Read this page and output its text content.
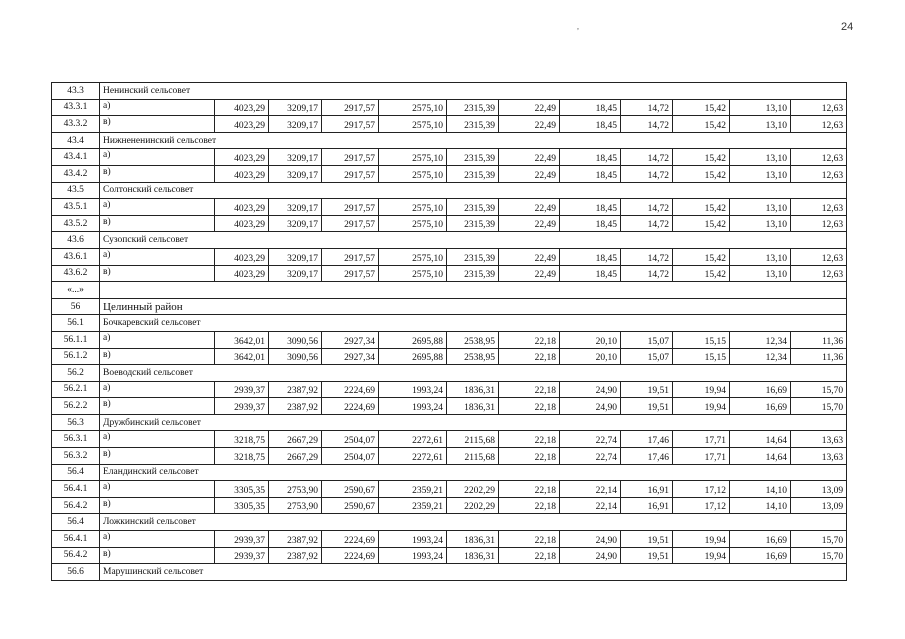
,	24
43.3	Ненинский сельсовет											
43.3.1	а)	4023,29	3209,17	2917,57	2575,10	2315,39	22,49	18,45	14,72	15,42	13,10	12,63
43.3.2	в)	4023,29	3209,17	2917,57	2575,10	2315,39	22,49	18,45	14,72	15,42	13,10	12,63
43.4	Нижнененинский сельсовет											
43.4.1	а)	4023,29	3209,17	2917,57	2575,10	2315,39	22,49	18,45	14,72	15,42	13,10	12,63
43.4.2	в)	4023,29	3209,17	2917,57	2575,10	2315,39	22,49	18,45	14,72	15,42	13,10	12,63
43.5	Солтонский сельсовет											
43.5.1	а)	4023,29	3209,17	2917,57	2575,10	2315,39	22,49	18,45	14,72	15,42	13,10	12,63
43.5.2	в)	4023,29	3209,17	2917,57	2575,10	2315,39	22,49	18,45	14,72	15,42	13,10	12,63
43.6	Сузопский сельсовет											
43.6.1	а)	4023,29	3209,17	2917,57	2575,10	2315,39	22,49	18,45	14,72	15,42	13,10	12,63
43.6.2	в)	4023,29	3209,17	2917,57	2575,10	2315,39	22,49	18,45	14,72	15,42	13,10	12,63
«...»												
56	Целинный район											
56.1	Бочкаревский сельсовет											
56.1.1	а)	3642,01	3090,56	2927,34	2695,88	2538,95	22,18	20,10	15,07	15,15	12,34	11,36
56.1.2	в)	3642,01	3090,56	2927,34	2695,88	2538,95	22,18	20,10	15,07	15,15	12,34	11,36
56.2	Воеводский сельсовет											
56.2.1	а)	2939,37	2387,92	2224,69	1993,24	1836,31	22,18	24,90	19,51	19,94	16,69	15,70
56.2.2	в)	2939,37	2387,92	2224,69	1993,24	1836,31	22,18	24,90	19,51	19,94	16,69	15,70
56.3	Дружбинский сельсовет											
56.3.1	а)	3218,75	2667,29	2504,07	2272,61	2115,68	22,18	22,74	17,46	17,71	14,64	13,63
56.3.2	в)	3218,75	2667,29	2504,07	2272,61	2115,68	22,18	22,74	17,46	17,71	14,64	13,63
56.4	Еландинский сельсовет											
56.4.1	а)	3305,35	2753,90	2590,67	2359,21	2202,29	22,18	22,14	16,91	17,12	14,10	13,09
56.4.2	в)	3305,35	2753,90	2590,67	2359,21	2202,29	22,18	22,14	16,91	17,12	14,10	13,09
56.4	Ложкинский сельсовет											
56.4.1	а)	2939,37	2387,92	2224,69	1993,24	1836,31	22,18	24,90	19,51	19,94	16,69	15,70
56.4.2	в)	2939,37	2387,92	2224,69	1993,24	1836,31	22,18	24,90	19,51	19,94	16,69	15,70
56.6	Марушинский сельсовет											
